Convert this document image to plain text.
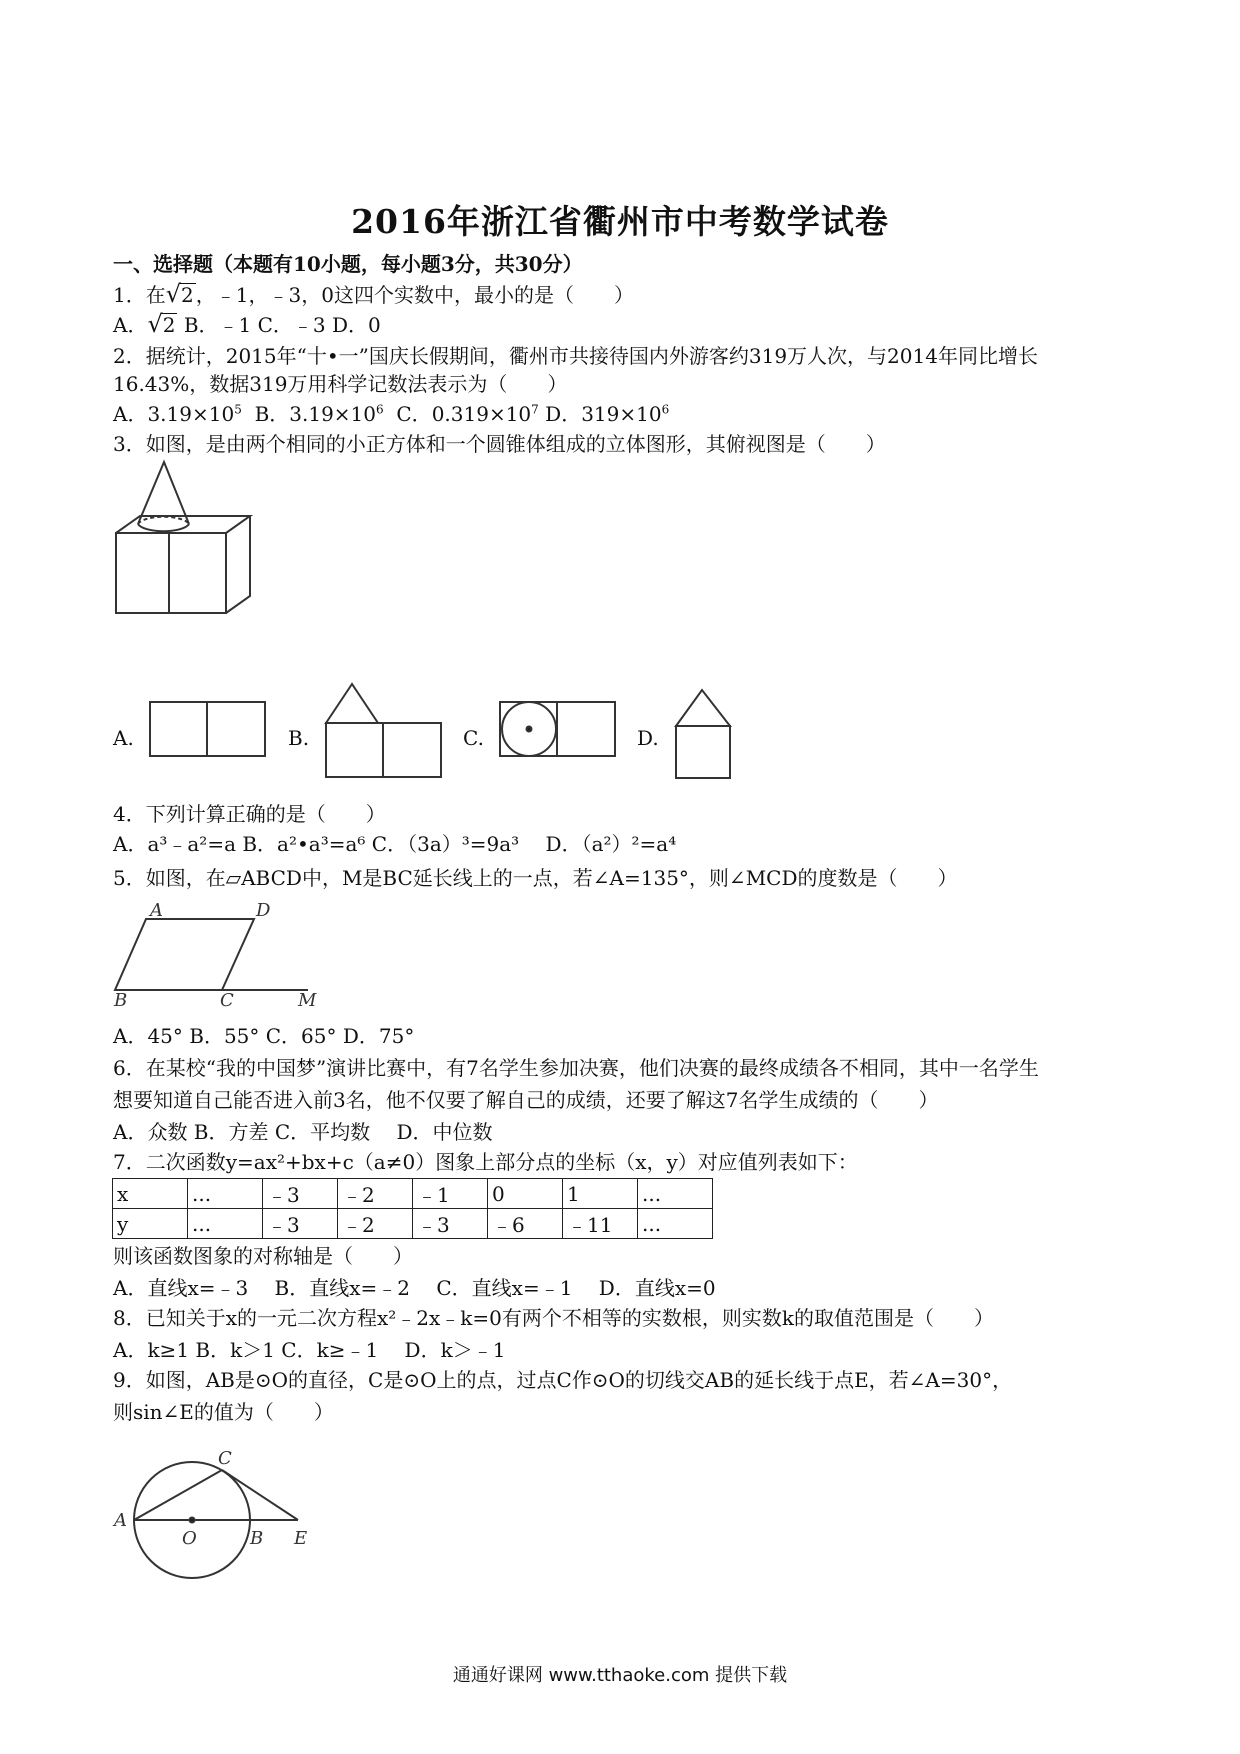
2016年浙江省衢州市中考数学试卷
一、选择题（本题有10小题，每小题3分，共30分）
1．在√2 ，﹣1，﹣3，0这四个实数中，最小的是（　　）
A．√2 B．﹣1 C．﹣3 D．0
2．据统计，2015年“十•一”国庆长假期间，衢州市共接待国内外游客约319万人次，与2014年同比增长
16.43%，数据319万用科学记数法表示为（　　）
A．$3.19\times 10^5$ B．$3.19\times 10^6$ C．$0.319\times 10^7$ D．$319\times 10^6$
3．如图，是由两个相同的小正方体和一个圆锥体组成的立体图形，其俯视图是（　　）
A.	B.	C.	D.
4．下列计算正确的是（　　）
A．a³﹣a²=a B．a²•a³=a⁶ C．（3a）³=9a³　 D．（a²）²=a⁴
5．如图，在▱ABCD中，M是BC延长线上的一点，若∠A=135°，则∠MCD的度数是（　　）
A	D
B	C	M
A．45° B．55° C．65° D．75°
6．在某校“我的中国梦”演讲比赛中，有7名学生参加决赛，他们决赛的最终成绩各不相同，其中一名学生
想要知道自己能否进入前3名，他不仅要了解自己的成绩，还要了解这7名学生成绩的（　　）
A．众数 B．方差 C．平均数　 D．中位数
7．二次函数y=ax²+bx+c（a≠0）图象上部分点的坐标（x，y）对应值列表如下：
x	...	﹣3	﹣2	﹣1	0	1	...
y	...	﹣3	﹣2	﹣3	﹣6	﹣11	...
则该函数图象的对称轴是（　　）
A．直线x=﹣3　 B．直线x=﹣2　 C．直线x=﹣1　 D．直线x=0
8．已知关于x的一元二次方程x²﹣2x﹣k=0有两个不相等的实数根，则实数k的取值范围是（　　）
A．k≥1 B．k＞1 C．k≥﹣1　 D．k＞﹣1
9．如图，AB是⊙O的直径，C是⊙O上的点，过点C作⊙O的切线交AB的延长线于点E，若∠A=30°，
则sin∠E的值为（　　）
C
A
O	B E
通通好课网 www.tthaoke.com 提供下载
